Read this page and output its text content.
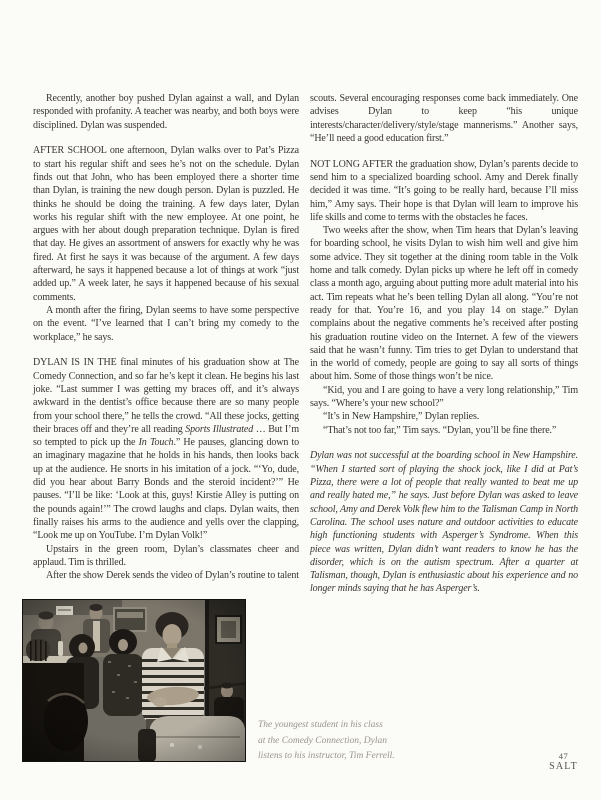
Recently, another boy pushed Dylan against a wall, and Dylan responded with profanity. A teacher was nearby, and both boys were disciplined. Dylan was suspended.

AFTER SCHOOL one afternoon, Dylan walks over to Pat’s Pizza to start his regular shift and sees he’s not on the schedule. Dylan finds out that John, who has been employed there a shorter time than Dylan, is training the new dough person. Dylan is puzzled. He thinks he should be doing the training. A few days later, Dylan works his regular shift with the new employee. At one point, he argues with her about dough preparation technique. Dylan is fired that day. He gives an assortment of answers for exactly why he was fired. At first he says it was because of the argument. A few days afterward, he says it happened because a lot of things at work “just added up.” A week later, he says it happened because of his sexual comments.

A month after the firing, Dylan seems to have some perspective on the event. “I’ve learned that I can’t bring my comedy to the workplace,” he says.

DYLAN IS IN THE final minutes of his graduation show at The Comedy Connection, and so far he’s kept it clean. He begins his last joke. “Last summer I was getting my braces off, and it’s always awkward in the dentist’s office because there are so many people from your school there,” he tells the crowd. “All these jocks, getting their braces off and they’re all reading Sports Illustrated … But I’m so tempted to pick up the In Touch.” He pauses, glancing down to an imaginary magazine that he holds in his hands, then looks back up at the audience. He snorts in his imitation of a jock. “‘Yo, dude, did you hear about Barry Bonds and the steroid incident?’” He pauses. “I’ll be like: ‘Look at this, guys! Kirstie Alley is putting on the pounds again!’” The crowd laughs and claps. Dylan waits, then finally raises his arms to the audience and yells over the clapping, “Look me up on YouTube. I’m Dylan Volk!”

Upstairs in the green room, Dylan’s classmates cheer and applaud. Tim is thrilled.

After the show Derek sends the video of Dylan’s routine to talent

scouts. Several encouraging responses come back immediately. One advises Dylan to keep “his unique interests/character/delivery/style/stage mannerisms.” Another says, “He’ll need a good education first.”

NOT LONG AFTER the graduation show, Dylan’s parents decide to send him to a specialized boarding school. Amy and Derek finally decided it was time. “It’s going to be really hard, because I’ll miss him,” Amy says. Their hope is that Dylan will learn to improve his life skills and come to terms with the obstacles he faces.

Two weeks after the show, when Tim hears that Dylan’s leaving for boarding school, he visits Dylan to wish him well and give him some advice. They sit together at the dining room table in the Volk home and talk comedy. Dylan picks up where he left off in comedy class a month ago, arguing about putting more adult material into his act. Tim repeats what he’s been telling Dylan all along. “You’re not ready for that. You’re 16, and you play 14 on stage.” Dylan complains about the negative comments he’s received after posting his graduation routine video on the Internet. A few of the viewers said that he wasn’t funny. Tim tries to get Dylan to understand that in the world of comedy, people are going to say all sorts of things about him. Some of those things won’t be nice.

“Kid, you and I are going to have a very long relationship,” Tim says. “Where’s your new school?”

“It’s in New Hampshire,” Dylan replies.

“That’s not too far,” Tim says. “Dylan, you’ll be fine there.”

Dylan was not successful at the boarding school in New Hampshire. “When I started sort of playing the shock jock, like I did at Pat’s Pizza, there were a lot of people that really wanted to beat me up and really hated me,” he says. Just before Dylan was asked to leave school, Amy and Derek Volk flew him to the Talisman Camp in North Carolina. The school uses nature and outdoor activities to educate high functioning students with Asperger’s Syndrome. When this piece was written, Dylan didn’t want readers to know he has the disorder, which is on the autism spectrum. After a quarter at Talisman, though, Dylan is enthusiastic about his experience and no longer minds saying that he has Asperger’s.

The youngest student in his class
at the Comedy Connection, Dylan
listens to his instructor, Tim Ferrell.	47
SALT
